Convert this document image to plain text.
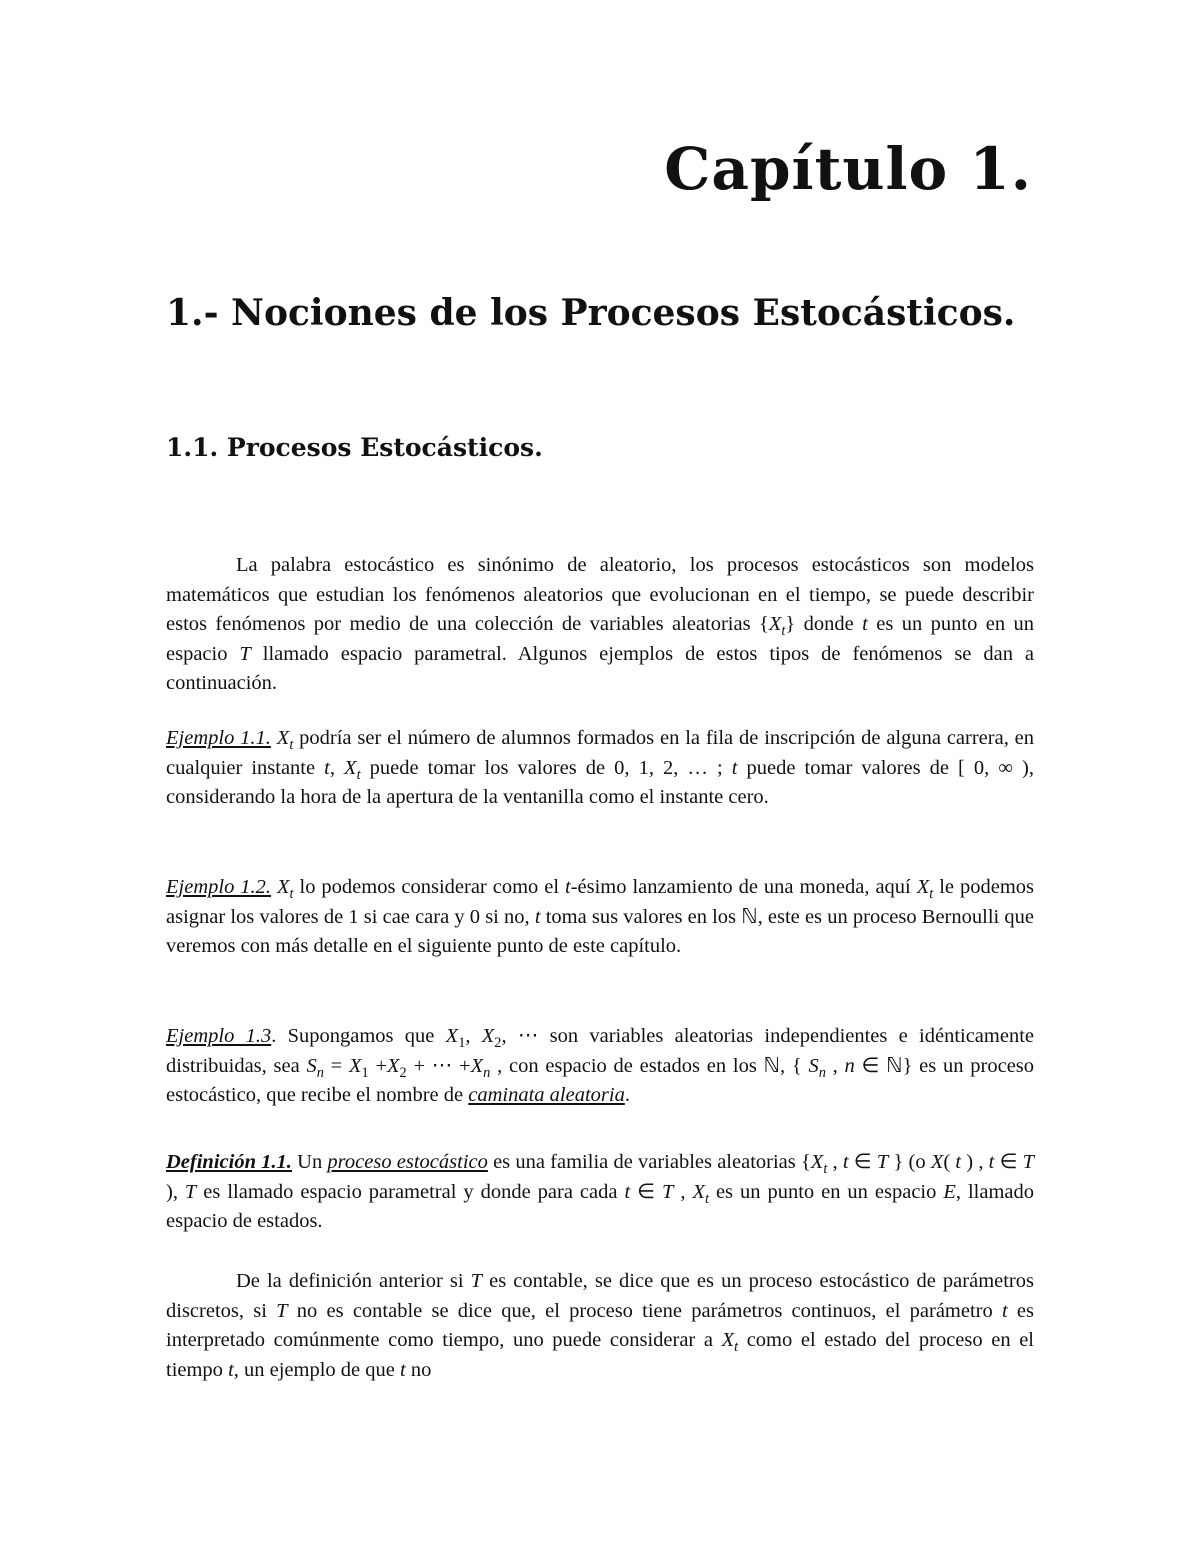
Capítulo 1.
1.- Nociones de los Procesos Estocásticos.
1.1. Procesos Estocásticos.

La palabra estocástico es sinónimo de aleatorio, los procesos estocásticos son modelos matemáticos que estudian los fenómenos aleatorios que evolucionan en el tiempo, se puede describir estos fenómenos por medio de una colección de variables aleatorias $\{X_t\}$ donde t es un punto en un espacio T llamado espacio parametral. Algunos ejemplos de estos tipos de fenómenos se dan a continuación.

Ejemplo 1.1. $X_t$ podría ser el número de alumnos formados en la fila de inscripción de alguna carrera, en cualquier instante t, $X_t$ puede tomar los valores de 0, 1, 2, … ; t puede tomar valores de [ 0, ∞ ), considerando la hora de la apertura de la ventanilla como el instante cero.

Ejemplo 1.2. $X_t$ lo podemos considerar como el t-ésimo lanzamiento de una moneda, aquí $X_t$ le podemos asignar los valores de 1 si cae cara y 0 si no, t toma sus valores en los ℕ, este es un proceso Bernoulli que veremos con más detalle en el siguiente punto de este capítulo.

Ejemplo 1.3. Supongamos que $X_1$, $X_2$, ⋯ son variables aleatorias independientes e idénticamente distribuidas, sea $S_n = X_1 +X_2$ + ⋯ $+X_n$ , con espacio de estados en los ℕ, { $S_n$ , n ∈ ℕ} es un proceso estocástico, que recibe el nombre de caminata aleatoria.

Definición 1.1. Un proceso estocástico es una familia de variables aleatorias {$X_t$ , t ∈ T } (o X( t ) , t ∈ T ), T es llamado espacio parametral y donde para cada t ∈ T , $X_t$ es un punto en un espacio E, llamado espacio de estados.

De la definición anterior si T es contable, se dice que es un proceso estocástico de parámetros discretos, si T no es contable se dice que, el proceso tiene parámetros continuos, el parámetro t es interpretado comúnmente como tiempo, uno puede considerar a $X_t$ como el estado del proceso en el tiempo t, un ejemplo de que t no
